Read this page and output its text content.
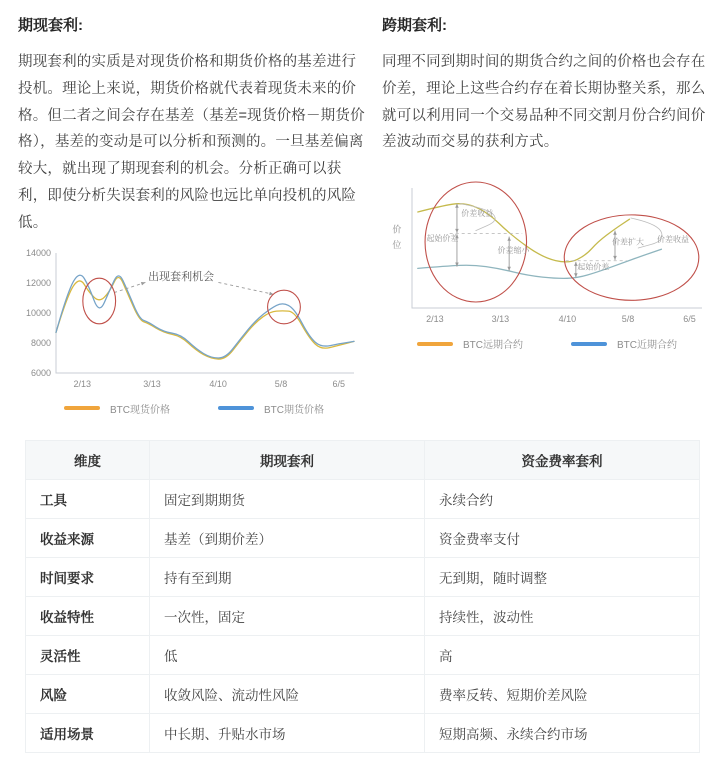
期现套利:

期现套利的实质是对现货价格和期货价格的基差进行投机。理论上来说，期货价格就代表着现货未来的价格。但二者之间会存在基差（基差=现货价格－期货价格），基差的变动是可以分析和预测的。一旦基差偏离较大，就出现了期现套利的机会。分析正确可以获利，即使分析失误套利的风险也远比单向投机的风险低。

6000
8000
10000
12000
14000
2/13	3/13	4/10	5/8	6/5
出现套利机会
BTC现货价格	BTC期货价格
跨期套利:

同理不同到期时间的期货合约之间的价格也会存在价差，理论上这些合约存在着长期协整关系，那么就可以利用同一个交易品种不同交割月份合约间价差波动而交易的获利方式。

2/13	3/13	4/10	5/8	6/5
价差收益
起始价差
价差缩小
起始价差
价差扩大 价差收益
价
位
BTC远期合约	BTC近期合约
维度	期现套利	资金费率套利
工具	固定到期期货	永续合约
收益来源	基差（到期价差）	资金费率支付
时间要求	持有至到期	无到期，随时调整
收益特性	一次性，固定	持续性，波动性
灵活性	低	高
风险	收敛风险、流动性风险	费率反转、短期价差风险
适用场景	中长期、升贴水市场	短期高频、永续合约市场
